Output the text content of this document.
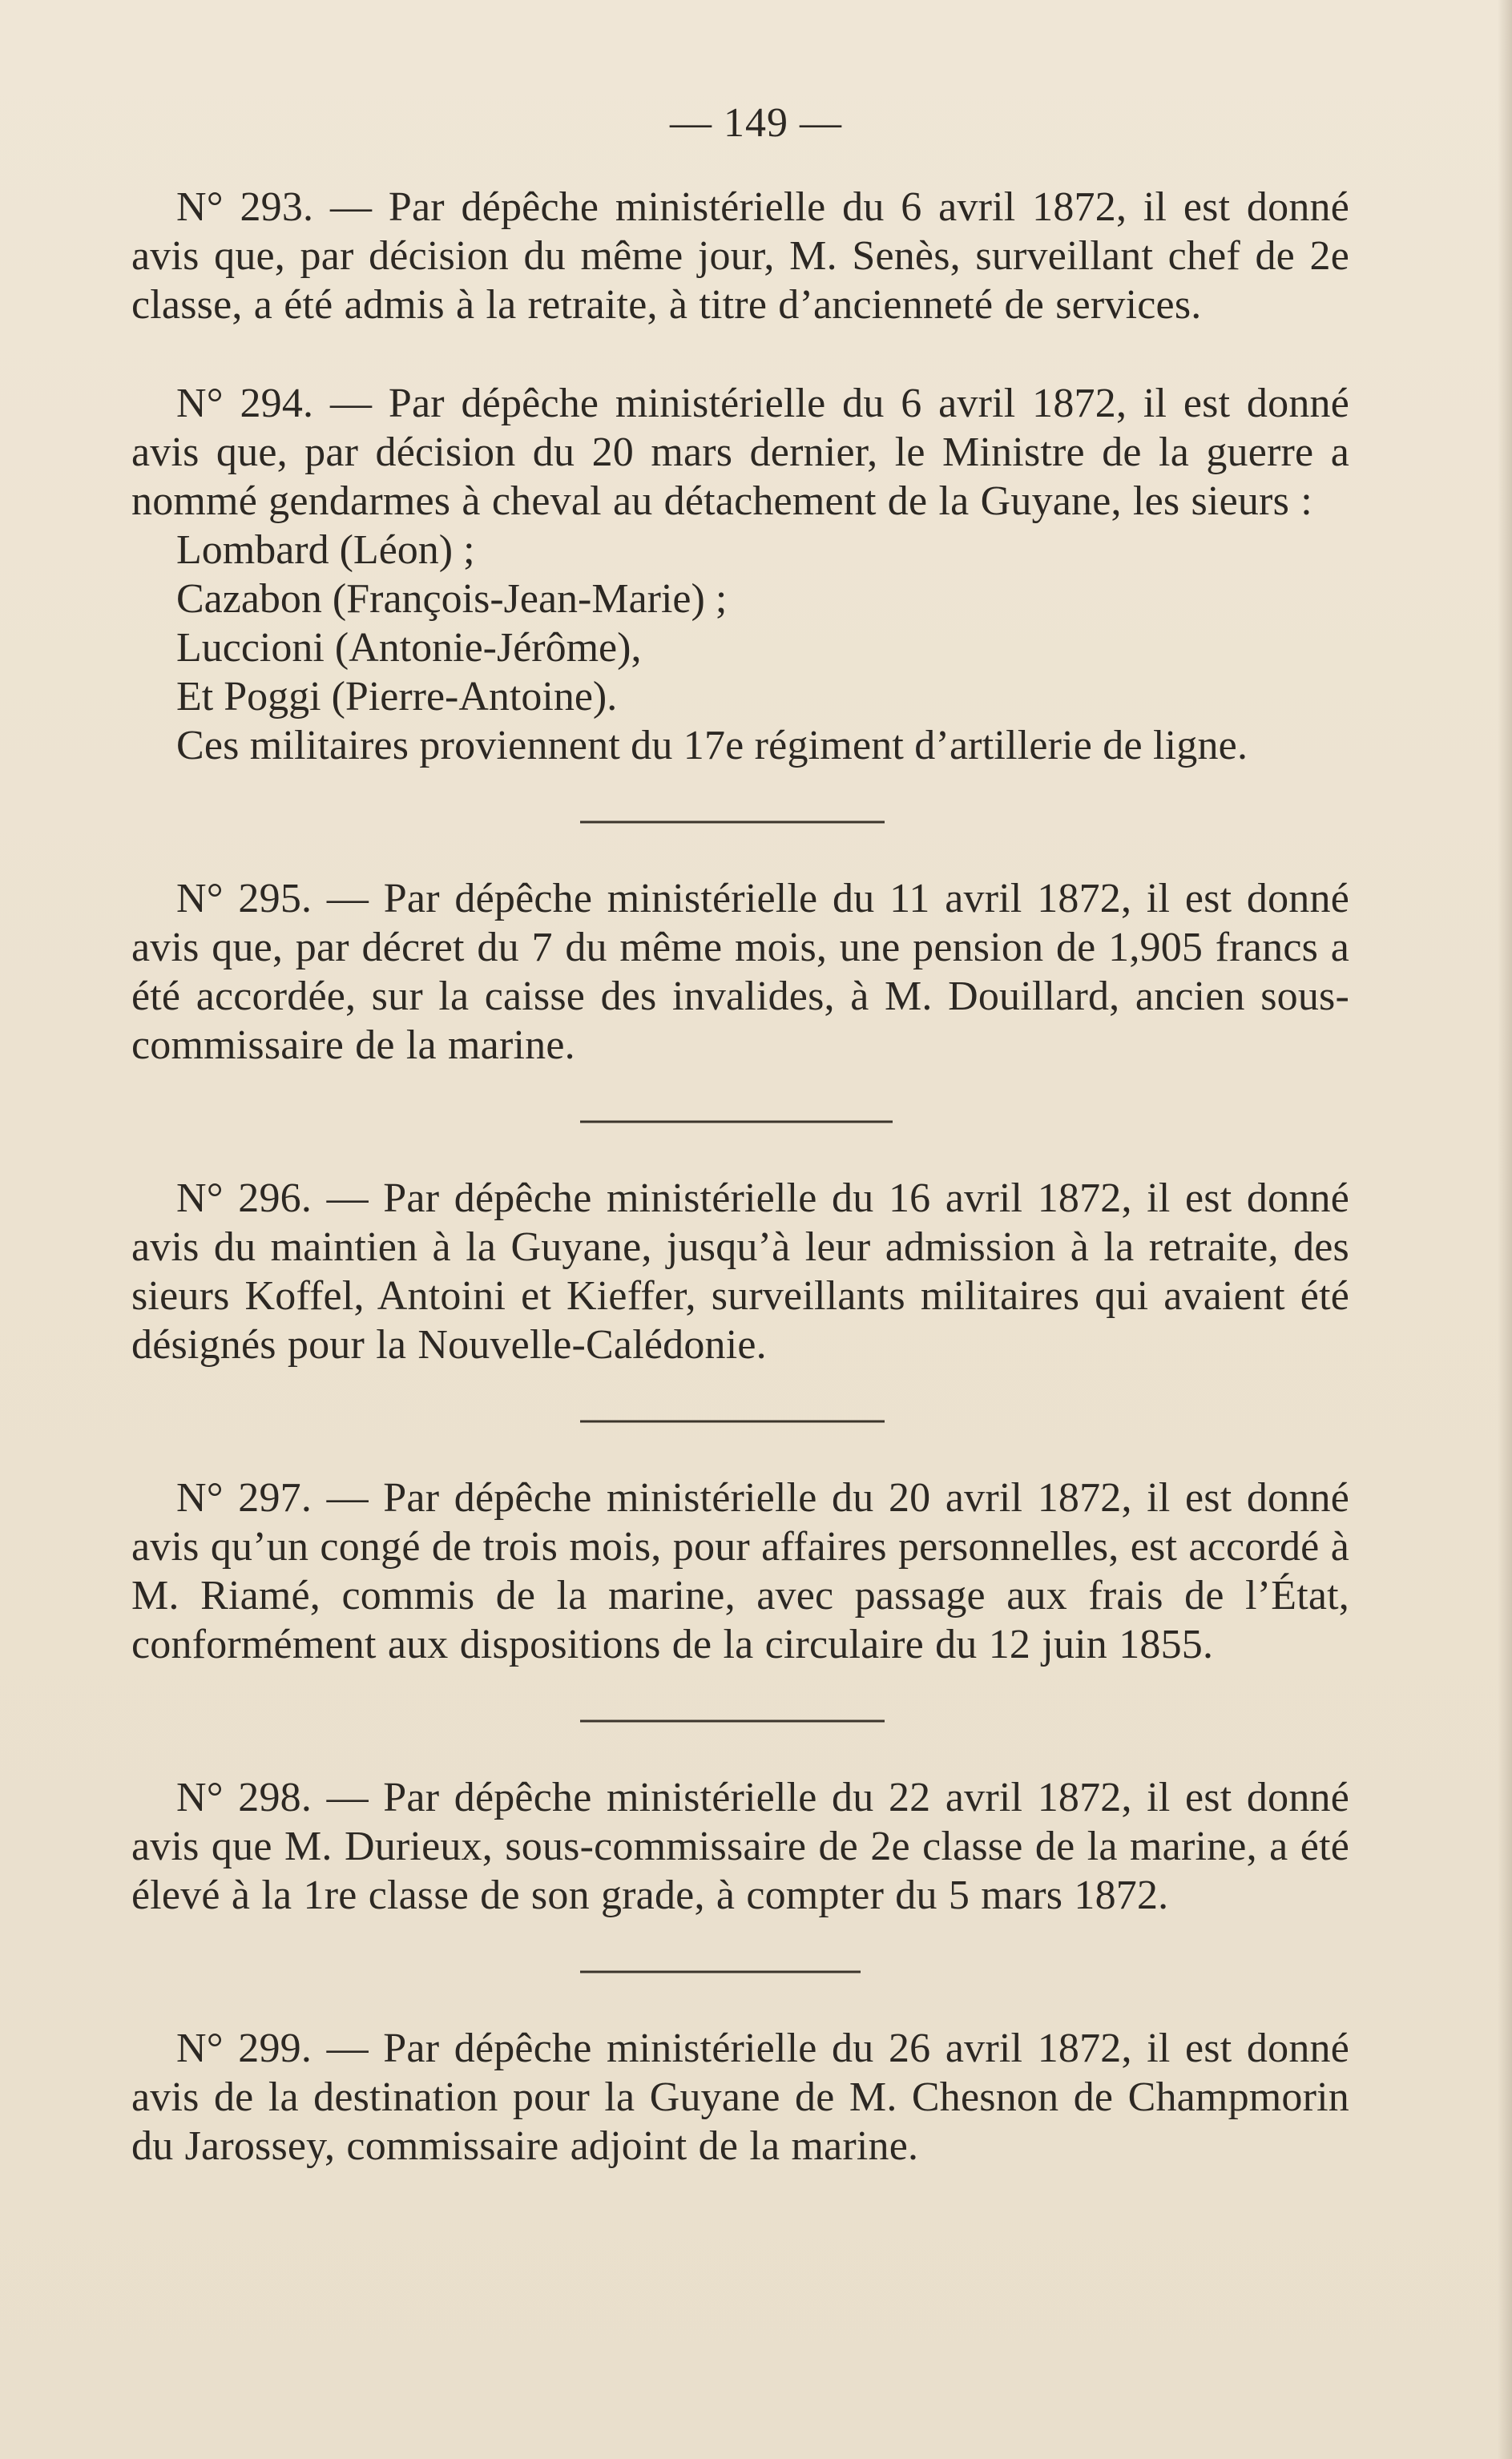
— 149 —

N° 293. — Par dépêche ministérielle du 6 avril 1872, il est donné avis que, par décision du même jour, M. Senès, surveillant chef de 2e classe, a été admis à la retraite, à titre d’ancienneté de services.

N° 294. — Par dépêche ministérielle du 6 avril 1872, il est donné avis que, par décision du 20 mars dernier, le Ministre de la guerre a nommé gendarmes à cheval au détachement de la Guyane, les sieurs :

Lombard (Léon) ;
Cazabon (François-Jean-Marie) ;
Luccioni (Antonie-Jérôme),
Et Poggi (Pierre-Antoine).
Ces militaires proviennent du 17e régiment d’artillerie de ligne.

N° 295. — Par dépêche ministérielle du 11 avril 1872, il est donné avis que, par décret du 7 du même mois, une pension de 1,905 francs a été accordée, sur la caisse des invalides, à M. Douillard, ancien sous-commissaire de la marine.

N° 296. — Par dépêche ministérielle du 16 avril 1872, il est donné avis du maintien à la Guyane, jusqu’à leur admission à la retraite, des sieurs Koffel, Antoini et Kieffer, surveillants militaires qui avaient été désignés pour la Nouvelle-Calédonie.

N° 297. — Par dépêche ministérielle du 20 avril 1872, il est donné avis qu’un congé de trois mois, pour affaires personnelles, est accordé à M. Riamé, commis de la marine, avec passage aux frais de l’État, conformément aux dispositions de la circulaire du 12 juin 1855.

N° 298. — Par dépêche ministérielle du 22 avril 1872, il est donné avis que M. Durieux, sous-commissaire de 2e classe de la marine, a été élevé à la 1re classe de son grade, à compter du 5 mars 1872.

N° 299. — Par dépêche ministérielle du 26 avril 1872, il est donné avis de la destination pour la Guyane de M. Chesnon de Champmorin du Jarossey, commissaire adjoint de la marine.
